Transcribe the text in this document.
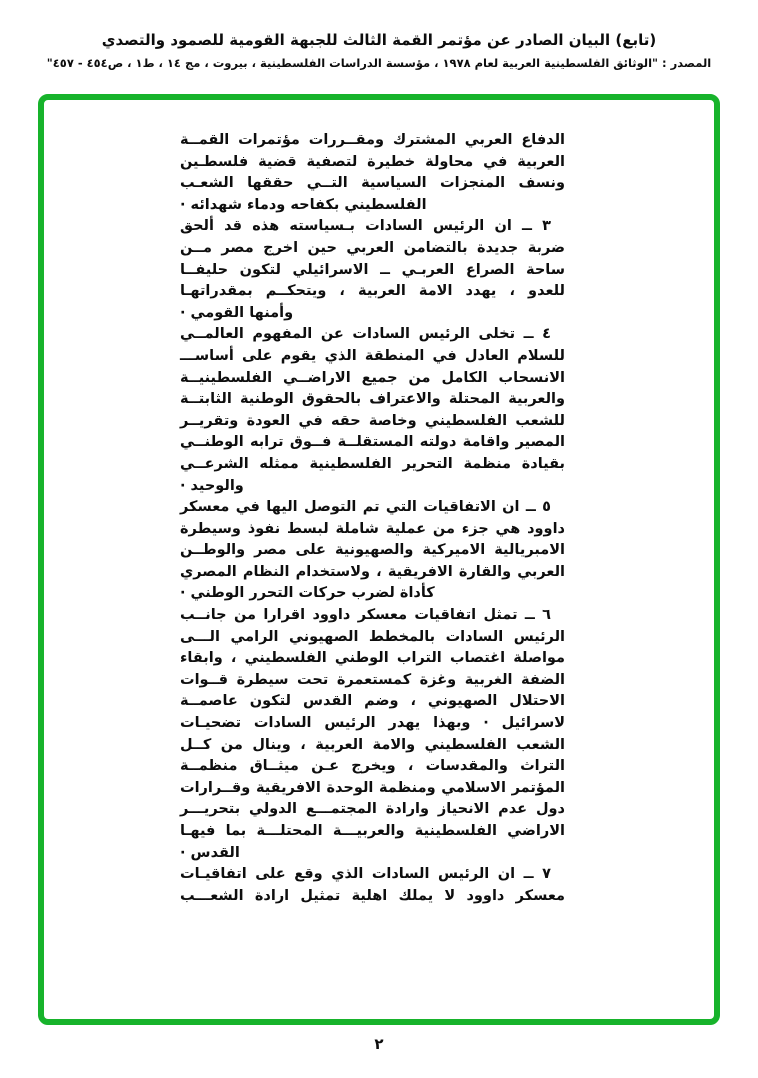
(تابع) البيان الصادر عن مؤتمر القمة الثالث للجبهة القومية للصمود والتصدي
المصدر : "الوثائق الفلسطينية العربية لعام ١٩٧٨ ، مؤسسة الدراسات الفلسطينية ، بيروت ، مج ١٤ ، ط١ ، ص٤٥٤ - ٤٥٧"
الدفاع العربي المشترك ومقــررات مؤتمرات القمــة
العربية في محاولة خطيرة لتصفية قضية فلسطـين
ونسف المنجزات السياسية التــي حققها الشعـب
الفلسطيني بكفاحه ودماء شهدائه ·
٣ ــ ان الرئيس السادات بـسياسته هذه قد ألحق
ضربة جديدة بالتضامن العربي حين اخرج مصر مــن
ساحة الصراع العربـي ــ الاسرائيلي لتكون حليفــا
للعدو ، يهدد الامة العربية ، ويتحكــم بمقدراتهـا
وأمنها القومي ·
٤ ــ تخلى الرئيس السادات عن المفهوم العالمــي
للسلام العادل في المنطقة الذي يقوم على أساســـ
الانسحاب الكامل من جميع الاراضــي الفلسطينيــة
والعربية المحتلة والاعتراف بالحقوق الوطنية الثابتــة
للشعب الفلسطيني وخاصة حقه في العودة وتقريــر
المصير واقامة دولته المستقلــة فــوق ترابه الوطنــي
بقيادة منظمة التحرير الفلسطينية ممثله الشرعــي
والوحيد ·
٥ ــ ان الاتفاقيات التي تم التوصل اليها في معسكر
داوود هي جزء من عملية شاملة لبسط نفوذ وسيطرة
الامبريالية الاميركية والصهيونية على مصر والوطــن
العربي والقارة الافريقية ، ولاستخدام النظام المصري
كأداة لضرب حركات التحرر الوطني ·
٦ ــ تمثل اتفاقيات معسكر داوود اقرارا من جانــب
الرئيس السادات بالمخطط الصهيوني الرامي الـــى
مواصلة اغتصاب التراب الوطني الفلسطيني ، وابقاء
الضفة الغربية وغزة كمستعمرة تحت سيطرة قــوات
الاحتلال الصهيوني ، وضم القدس لتكون عاصمــة
لاسرائيل · وبهذا يهدر الرئيس السادات تضحيـات
الشعب الفلسطيني والامة العربية ، وينال من كــل
التراث والمقدسات ، ويخرج عـن ميثــاق منظمــة
المؤتمر الاسلامي ومنظمة الوحدة الافريقية وقــرارات
دول عدم الانحياز وارادة المجتمـــع الدولي بتحريـــر
الاراضي الفلسطينية والعربيـــة المحتلـــة بما فيهـا
القدس ·
٧ ــ ان الرئيس السادات الذي وقع على اتفاقيـات
معسكر داوود لا يملك اهلية تمثيل ارادة الشعـــب
٢
